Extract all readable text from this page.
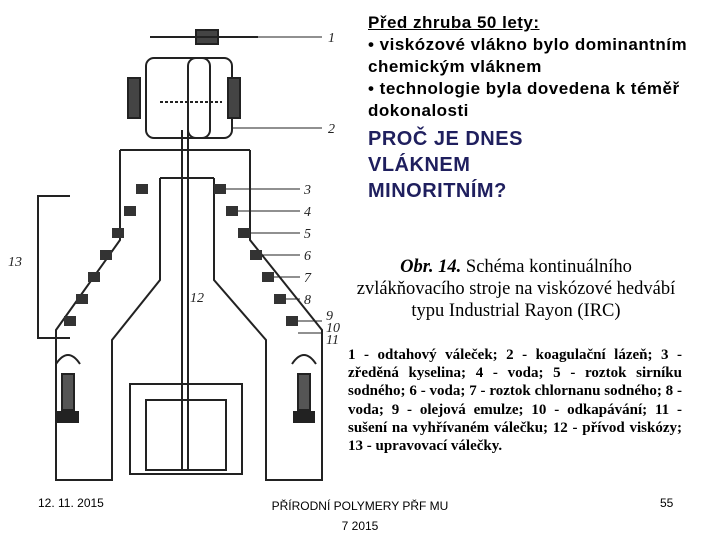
1
2
3
4
5
6
7
8
9
10
11
12
13
Před zhruba 50 lety:
• viskózové vlákno bylo dominantním chemickým vláknem
• technologie byla dovedena k téměř dokonalosti
PROČ JE DNES VLÁKNEM MINORITNÍM?
Obr. 14. Schéma kontinuálního zvlákňovacího stroje na viskózové hedvábí typu Industrial Rayon (IRC)
1 - odtahový váleček; 2 - koagulační lázeň; 3 - zředěná kyselina; 4 - voda; 5 - roztok sirníku sodného; 6 - voda; 7 - roztok chlornanu sodného; 8 - voda; 9 - olejová emulze; 10 - odkapávání; 11 - sušení na vyhřívaném válečku; 12 - přívod viskózy; 13 - upravovací válečky.
12. 11. 2015	PŘÍRODNÍ POLYMERY PŘF MU
7 2015
55
